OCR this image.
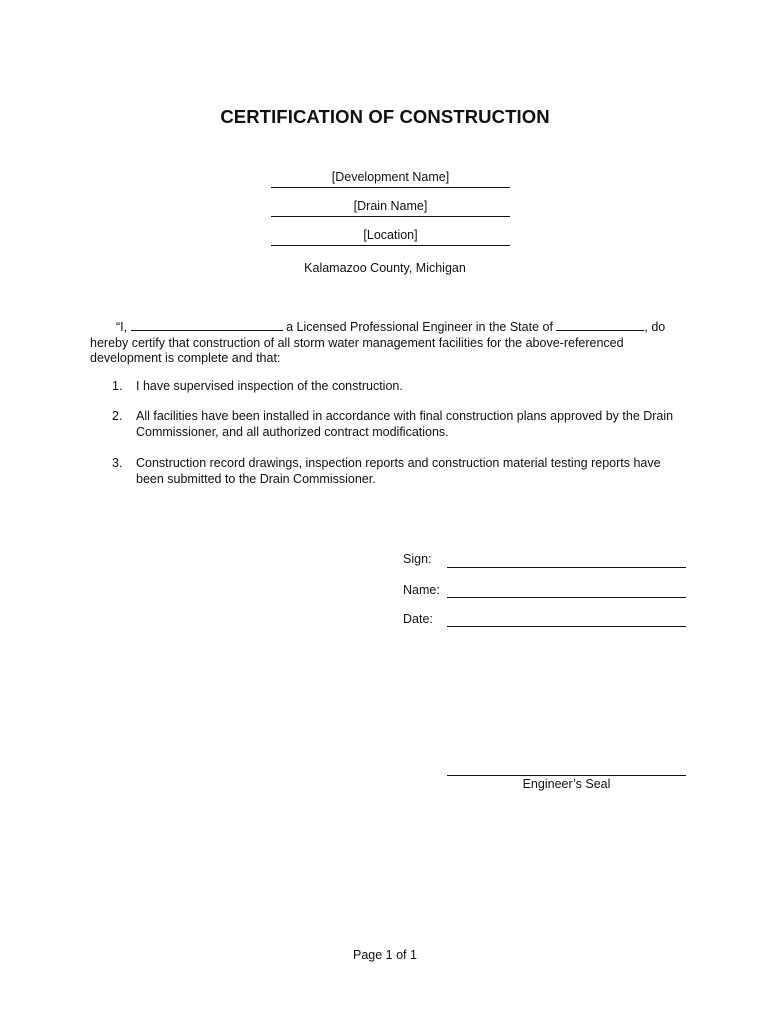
CERTIFICATION OF CONSTRUCTION
[Development Name]
[Drain Name]
[Location]
Kalamazoo County, Michigan
“I,	a Licensed Professional Engineer in the State of	, do
hereby certify that construction of all storm water management facilities for the above-referenced
development is complete and that:
1. I have supervised inspection of the construction.
2. All facilities have been installed in accordance with final construction plans approved by the Drain
Commissioner, and all authorized contract modifications.
3. Construction record drawings, inspection reports and construction material testing reports have
been submitted to the Drain Commissioner.
Sign:
Name:
Date:
Engineer’s Seal
Page 1 of 1
